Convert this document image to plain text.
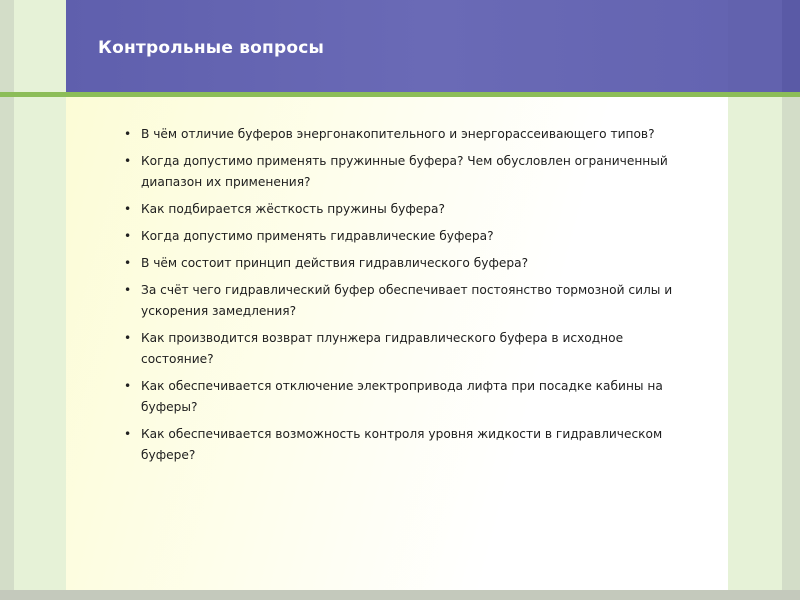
Контрольные вопросы
• В чём отличие буферов энергонакопительного и энергорассеивающего типов?
• Когда допустимо применять пружинные буфера? Чем обусловлен ограниченный диапазон их применения?
• Как подбирается жёсткость пружины буфера?
• Когда допустимо применять гидравлические буфера?
• В чём состоит принцип действия гидравлического буфера?
• За счёт чего гидравлический буфер обеспечивает постоянство тормозной силы и ускорения замедления?
• Как производится возврат плунжера гидравлического буфера в исходное состояние?
• Как обеспечивается отключение электропривода лифта при посадке кабины на буферы?
• Как обеспечивается возможность контроля уровня жидкости в гидравлическом буфере?
